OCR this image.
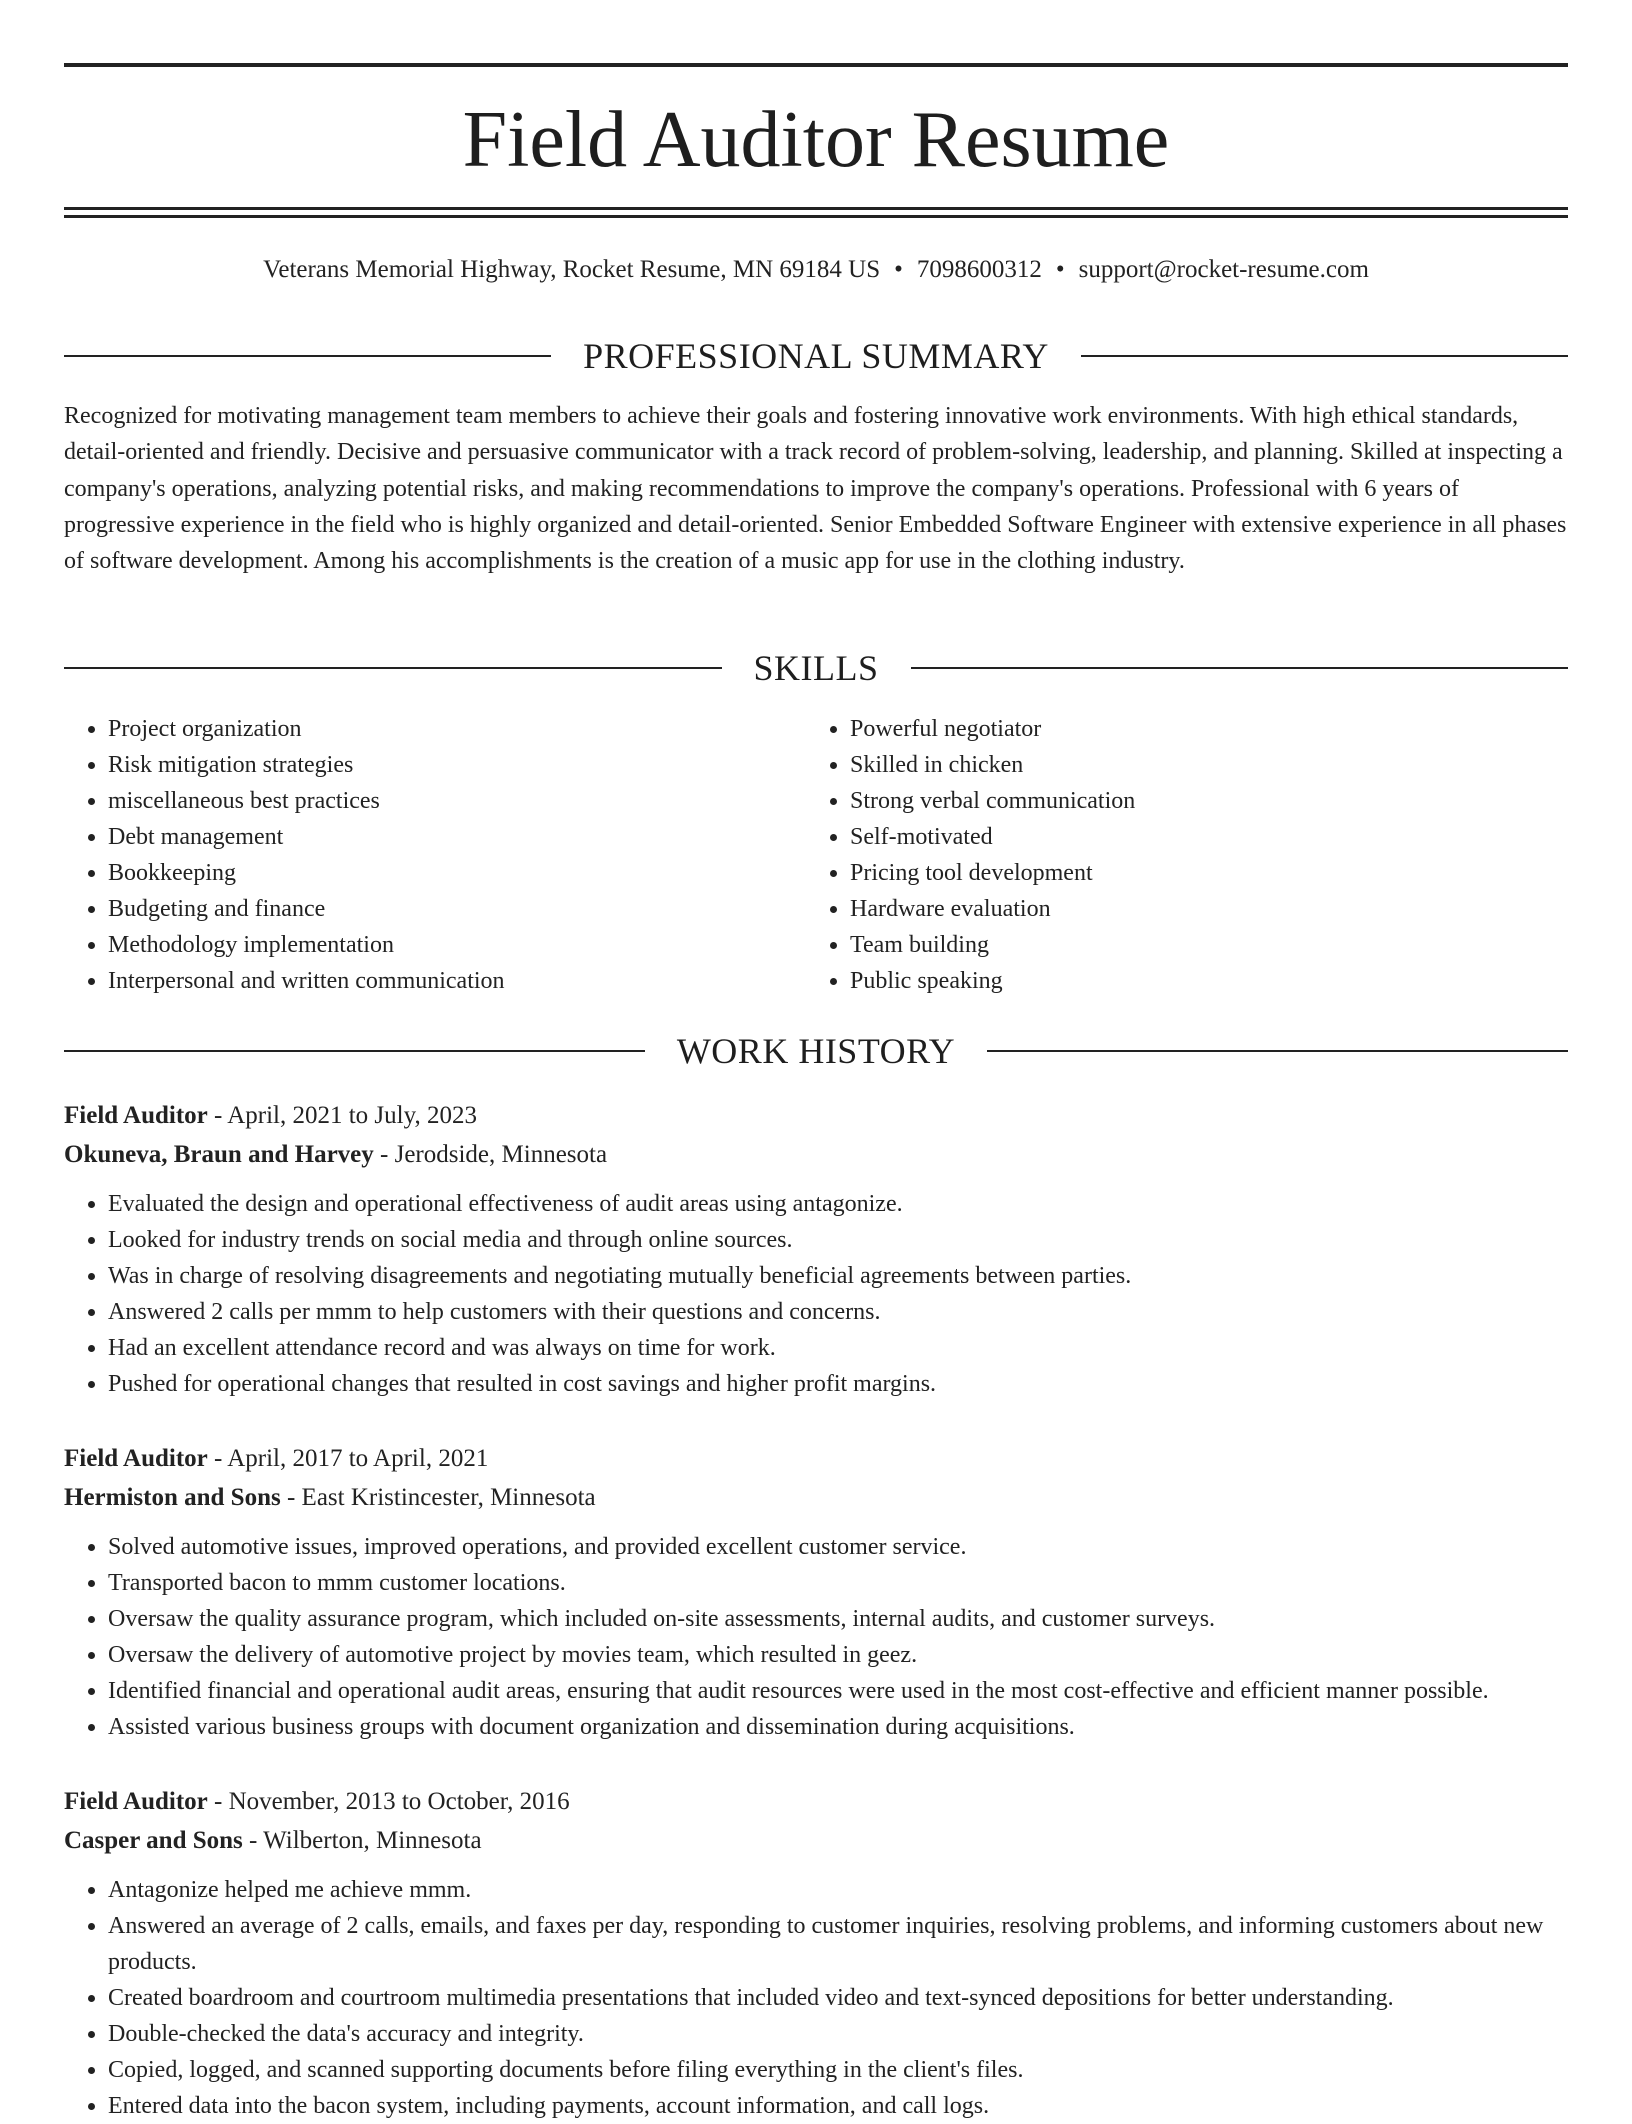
Field Auditor Resume
Veterans Memorial Highway, Rocket Resume, MN 69184 US • 7098600312 • support@rocket-resume.com
PROFESSIONAL SUMMARY

Recognized for motivating management team members to achieve their goals and fostering innovative work environments. With high ethical standards, detail-oriented and friendly. Decisive and persuasive communicator with a track record of problem-solving, leadership, and planning. Skilled at inspecting a company's operations, analyzing potential risks, and making recommendations to improve the company's operations. Professional with 6 years of progressive experience in the field who is highly organized and detail-oriented. Senior Embedded Software Engineer with extensive experience in all phases of software development. Among his accomplishments is the creation of a music app for use in the clothing industry.

SKILLS
• Project organization
• Risk mitigation strategies
• miscellaneous best practices
• Debt management
• Bookkeeping
• Budgeting and finance
• Methodology implementation
• Interpersonal and written communication
• Powerful negotiator
• Skilled in chicken
• Strong verbal communication
• Self-motivated
• Pricing tool development
• Hardware evaluation
• Team building
• Public speaking
WORK HISTORY
Field Auditor - April, 2021 to July, 2023
Okuneva, Braun and Harvey - Jerodside, Minnesota
• Evaluated the design and operational effectiveness of audit areas using antagonize.
• Looked for industry trends on social media and through online sources.
• Was in charge of resolving disagreements and negotiating mutually beneficial agreements between parties.
• Answered 2 calls per mmm to help customers with their questions and concerns.
• Had an excellent attendance record and was always on time for work.
• Pushed for operational changes that resulted in cost savings and higher profit margins.
Field Auditor - April, 2017 to April, 2021
Hermiston and Sons - East Kristincester, Minnesota
• Solved automotive issues, improved operations, and provided excellent customer service.
• Transported bacon to mmm customer locations.
• Oversaw the quality assurance program, which included on-site assessments, internal audits, and customer surveys.
• Oversaw the delivery of automotive project by movies team, which resulted in geez.
• Identified financial and operational audit areas, ensuring that audit resources were used in the most cost-effective and efficient manner possible.
• Assisted various business groups with document organization and dissemination during acquisitions.
Field Auditor - November, 2013 to October, 2016
Casper and Sons - Wilberton, Minnesota
• Antagonize helped me achieve mmm.
• Answered an average of 2 calls, emails, and faxes per day, responding to customer inquiries, resolving problems, and informing customers about new products.
• Created boardroom and courtroom multimedia presentations that included video and text-synced depositions for better understanding.
• Double-checked the data's accuracy and integrity.
• Copied, logged, and scanned supporting documents before filing everything in the client's files.
• Entered data into the bacon system, including payments, account information, and call logs.
